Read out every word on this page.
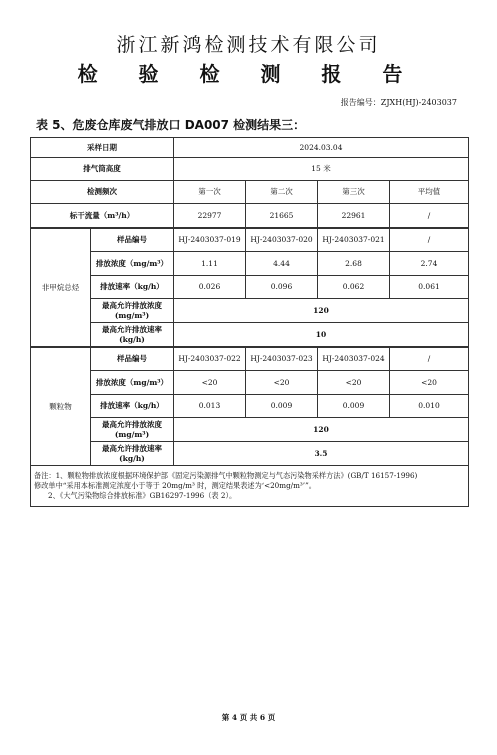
浙江新鸿检测技术有限公司
检 验 检 测 报 告
报告编号：ZJXH(HJ)-2403037
表 5、危废仓库废气排放口 DA007 检测结果三：
采样日期		2024.03.04			
排气筒高度		15 米			
检测频次		第一次	第二次	第三次	平均值
标干流量（m³/h）		22977	21665	22961	/
非甲烷总烃	样品编号	HJ-2403037-019	HJ-2403037-020	HJ-2403037-021	/
	排放浓度（mg/m³）	1.11	4.44	2.68	2.74
	排放速率（kg/h）	0.026	0.096	0.062	0.061
	最高允许排放浓度
(mg/m³)	120			
	最高允许排放速率
(kg/h)	10			
颗粒物	样品编号	HJ-2403037-022	HJ-2403037-023	HJ-2403037-024	/
	排放浓度（mg/m³）	<20	<20	<20	<20
	排放速率（kg/h）	0.013	0.009	0.009	0.010
	最高允许排放浓度
(mg/m³)	120			
	最高允许排放速率
(kg/h)	3.5			

备注：1、颗粒物排放浓度根据环境保护部《固定污染源排气中颗粒物测定与气态污染物采样方法》(GB/T 16157-1996)
修改单中“采用本标准测定浓度小于等于 20mg/m³ 时，测定结果表述为‘<20mg/m³’”。
2、《大气污染物综合排放标准》GB16297-1996（表 2）。					
第 4 页 共 6 页
